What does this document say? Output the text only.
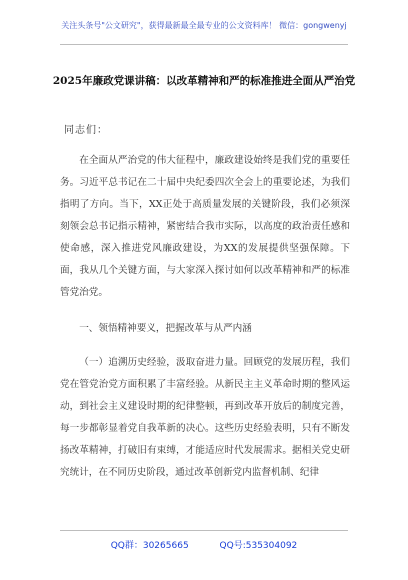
关注头条号"公文研究"，获得最新最全最专业的公文资料库！ 微信：gongwenyj
2025年廉政党课讲稿：以改革精神和严的标准推进全面从严治党
同志们：

在全面从严治党的伟大征程中，廉政建设始终是我们党的重要任务。习近平总书记在二十届中央纪委四次全会上的重要论述，为我们指明了方向。当下，XX正处于高质量发展的关键阶段，我们必须深刻领会总书记指示精神，紧密结合我市实际，以高度的政治责任感和使命感，深入推进党风廉政建设，为XX的发展提供坚强保障。下面，我从几个关键方面，与大家深入探讨如何以改革精神和严的标准管党治党。

一、领悟精神要义，把握改革与从严内涵

（一）追溯历史经验，汲取奋进力量。回顾党的发展历程，我们党在管党治党方面积累了丰富经验。从新民主主义革命时期的整风运动，到社会主义建设时期的纪律整顿，再到改革开放后的制度完善，每一步都彰显着党自我革新的决心。这些历史经验表明，只有不断发扬改革精神，打破旧有束缚，才能适应时代发展需求。据相关党史研究统计，在不同历史阶段，通过改革创新党内监督机制、纪律

QQ群：30265665	QQ号:535304092
